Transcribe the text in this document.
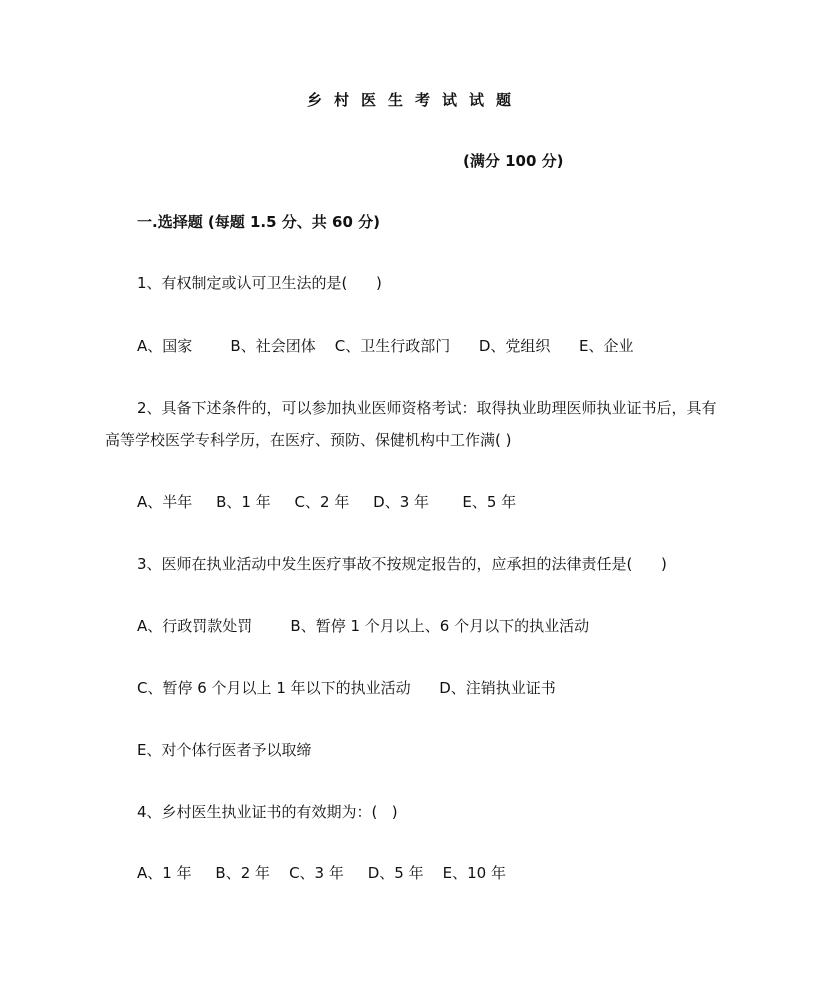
乡村医生考试试题
(满分 100 分)
一.选择题 (每题 1.5 分、共 60 分)
1、有权制定或认可卫生法的是(      )
A、国家        B、社会团体    C、卫生行政部门      D、党组织      E、企业
2、具备下述条件的，可以参加执业医师资格考试：取得执业助理医师执业证书后，具有高等学校医学专科学历，在医疗、预防、保健机构中工作满( )
A、半年     B、1 年     C、2 年     D、3 年       E、5 年
3、医师在执业活动中发生医疗事故不按规定报告的，应承担的法律责任是(      )
A、行政罚款处罚        B、暂停 1 个月以上、6 个月以下的执业活动
C、暂停 6 个月以上 1 年以下的执业活动      D、注销执业证书
E、对个体行医者予以取缔
4、乡村医生执业证书的有效期为：(   )
A、1 年     B、2 年    C、3 年     D、5 年    E、10 年
